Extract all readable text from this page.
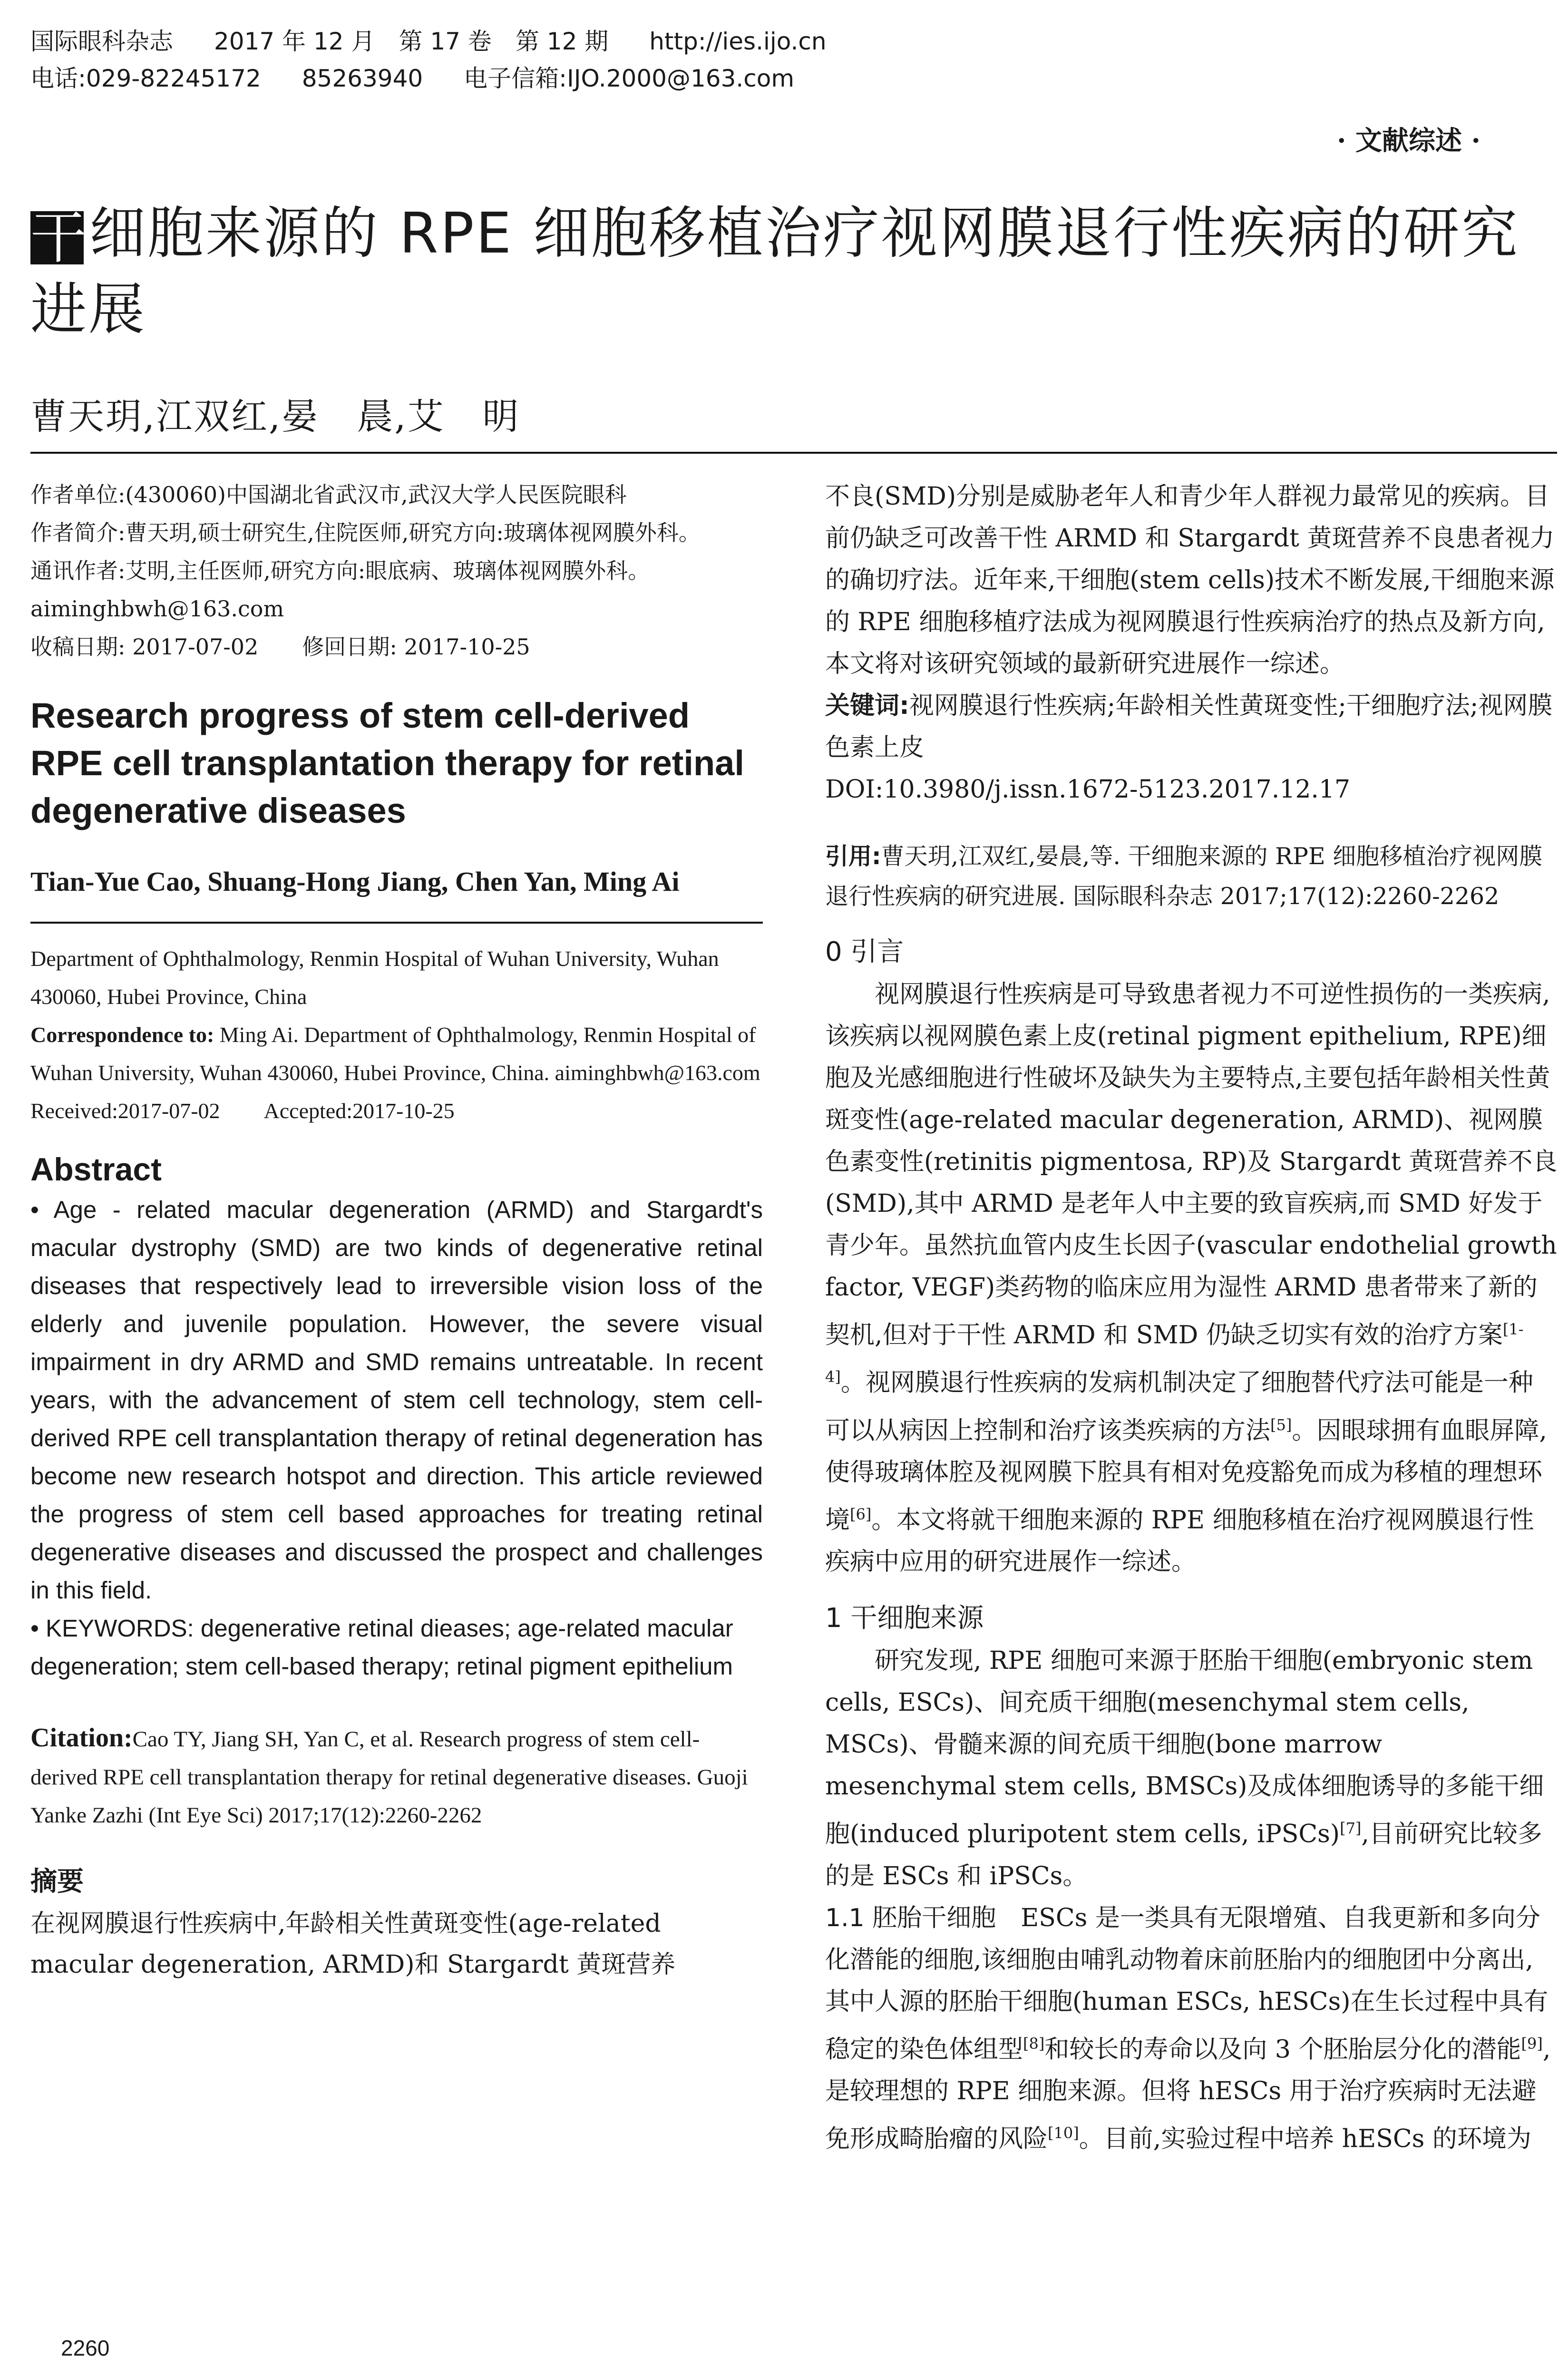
国际眼科杂志 2017 年 12 月　第 17 卷　第 12 期 http://ies.ijo.cn
电话:029-82245172 85263940 电子信箱:IJO.2000@163.com
· 文献综述 ·
干细胞来源的 RPE 细胞移植治疗视网膜退行性疾病的研究进展
曹天玥,江双红,晏　晨,艾　明

作者单位:(430060)中国湖北省武汉市,武汉大学人民医院眼科

作者简介:曹天玥,硕士研究生,住院医师,研究方向:玻璃体视网膜外科。

通讯作者:艾明,主任医师,研究方向:眼底病、玻璃体视网膜外科。aiminghbwh@163.com

收稿日期: 2017-07-02　　修回日期: 2017-10-25

Research progress of stem cell-derived RPE cell transplantation therapy for retinal degenerative diseases

Tian-Yue Cao, Shuang-Hong Jiang, Chen Yan, Ming Ai

Department of Ophthalmology, Renmin Hospital of Wuhan University, Wuhan 430060, Hubei Province, China

Correspondence to: Ming Ai. Department of Ophthalmology, Renmin Hospital of Wuhan University, Wuhan 430060, Hubei Province, China. aiminghbwh@163.com

Received:2017-07-02　　Accepted:2017-10-25

Abstract

• Age - related macular degeneration (ARMD) and Stargardt's macular dystrophy (SMD) are two kinds of degenerative retinal diseases that respectively lead to irreversible vision loss of the elderly and juvenile population. However, the severe visual impairment in dry ARMD and SMD remains untreatable. In recent years, with the advancement of stem cell technology, stem cell-derived RPE cell transplantation therapy of retinal degeneration has become new research hotspot and direction. This article reviewed the progress of stem cell based approaches for treating retinal degenerative diseases and discussed the prospect and challenges in this field.

• KEYWORDS: degenerative retinal dieases; age-related macular degeneration; stem cell-based therapy; retinal pigment epithelium

Citation:Cao TY, Jiang SH, Yan C, et al. Research progress of stem cell-derived RPE cell transplantation therapy for retinal degenerative diseases. Guoji Yanke Zazhi (Int Eye Sci) 2017;17(12):2260-2262

摘要

在视网膜退行性疾病中,年龄相关性黄斑变性(age-related macular degeneration, ARMD)和 Stargardt 黄斑营养

不良(SMD)分别是威胁老年人和青少年人群视力最常见的疾病。目前仍缺乏可改善干性 ARMD 和 Stargardt 黄斑营养不良患者视力的确切疗法。近年来,干细胞(stem cells)技术不断发展,干细胞来源的 RPE 细胞移植疗法成为视网膜退行性疾病治疗的热点及新方向,本文将对该研究领域的最新研究进展作一综述。

关键词:视网膜退行性疾病;年龄相关性黄斑变性;干细胞疗法;视网膜色素上皮

DOI:10.3980/j.issn.1672-5123.2017.12.17

引用:曹天玥,江双红,晏晨,等. 干细胞来源的 RPE 细胞移植治疗视网膜退行性疾病的研究进展. 国际眼科杂志 2017;17(12):2260-2262

0 引言

视网膜退行性疾病是可导致患者视力不可逆性损伤的一类疾病,该疾病以视网膜色素上皮(retinal pigment epithelium, RPE)细胞及光感细胞进行性破坏及缺失为主要特点,主要包括年龄相关性黄斑变性(age-related macular degeneration, ARMD)、视网膜色素变性(retinitis pigmentosa, RP)及 Stargardt 黄斑营养不良(SMD),其中 ARMD 是老年人中主要的致盲疾病,而 SMD 好发于青少年。虽然抗血管内皮生长因子(vascular endothelial growth factor, VEGF)类药物的临床应用为湿性 ARMD 患者带来了新的契机,但对于干性 ARMD 和 SMD 仍缺乏切实有效的治疗方案[1-4]。视网膜退行性疾病的发病机制决定了细胞替代疗法可能是一种可以从病因上控制和治疗该类疾病的方法[5]。因眼球拥有血眼屏障,使得玻璃体腔及视网膜下腔具有相对免疫豁免而成为移植的理想环境[6]。本文将就干细胞来源的 RPE 细胞移植在治疗视网膜退行性疾病中应用的研究进展作一综述。

1 干细胞来源

研究发现, RPE 细胞可来源于胚胎干细胞(embryonic stem cells, ESCs)、间充质干细胞(mesenchymal stem cells, MSCs)、骨髓来源的间充质干细胞(bone marrow mesenchymal stem cells, BMSCs)及成体细胞诱导的多能干细胞(induced pluripotent stem cells, iPSCs)[7],目前研究比较多的是 ESCs 和 iPSCs。

1.1 胚胎干细胞　 ESCs 是一类具有无限增殖、自我更新和多向分化潜能的细胞,该细胞由哺乳动物着床前胚胎内的细胞团中分离出,其中人源的胚胎干细胞(human ESCs, hESCs)在生长过程中具有稳定的染色体组型[8]和较长的寿命以及向 3 个胚胎层分化的潜能[9],是较理想的 RPE 细胞来源。但将 hESCs 用于治疗疾病时无法避免形成畸胎瘤的风险[10]。目前,实验过程中培养 hESCs 的环境为

2260
